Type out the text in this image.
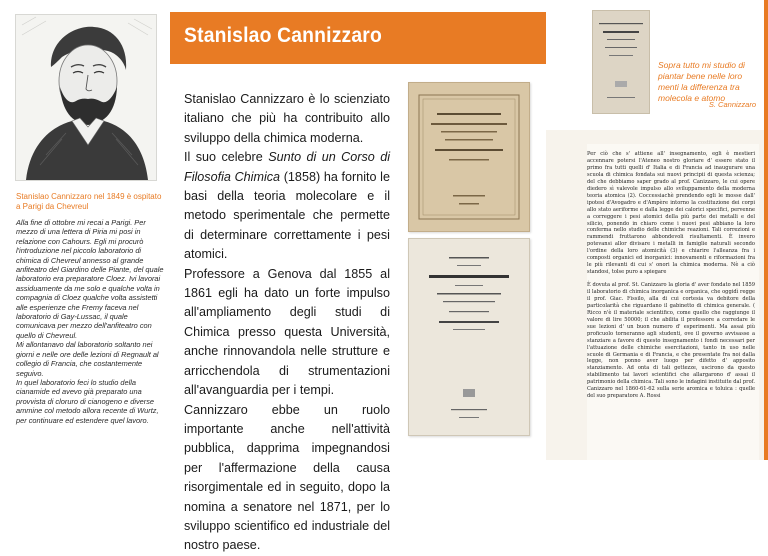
Stanislao Cannizzaro nel 1849 è ospitato a Parigi da Chevreul

Alla fine di ottobre mi recai a Parigi. Per mezzo di una lettera di Piria mi posi in relazione con Cahours. Egli mi procurò l'introduzione nel piccolo laboratorio di chimica di Chevreul annesso al grande anfiteatro del Giardino delle Piante, del quale laboratorio era preparatore Cloez. Ivi lavorai assiduamente da me solo e qualche volta in compagnia di Cloez qualche volta assistetti alle esperienze che Fremy faceva nel laboratorio di Gay-Lussac, il quale comunicava per mezzo dell'anfiteatro con quello di Chevreul.

Mi allontanavo dal laboratorio soltanto nei giorni e nelle ore delle lezioni di Regnault al collegio di Francia, che costantemente seguivo.

In quel laboratorio feci lo studio della cianamide ed avevo già preparato una provvista di cloruro di cianogeno e diverse ammine col metodo allora recente di Wurtz, per continuare ed estendere quel lavoro.

Stanislao Cannizzaro

Stanislao Cannizzaro è lo scienziato italiano che più ha contribuito allo sviluppo della chimica moderna.

Il suo celebre Sunto di un Corso di Filosofia Chimica (1858) ha fornito le basi della teoria molecolare e il metodo sperimentale che permette di determinare correttamente i pesi atomici.

Professore a Genova dal 1855 al 1861 egli ha dato un forte impulso all'ampliamento degli studi di Chimica presso questa Università, anche rinnovandola nelle strutture e arricchendola di strumentazioni all'avanguardia per i tempi.

Cannizzaro ebbe un ruolo importante anche nell'attività pubblica, dapprima impegnandosi per l'affermazione della causa risorgimentale ed in seguito, dopo la nomina a senatore nel 1871, per lo sviluppo scientifico ed industriale del nostro paese.

Sopra tutto mi studio di piantar bene nelle loro menti la differenza tra molecola e atomo

S. Cannizzaro

Per ciò che s' attiene all' insegnamento, egli è mestieri accennare potersi l'Ateneo nostro gloriare d' essere stato il primo fra tutti quelli d' Italia e di Francia ad inaugurare una scuola di chimica fondata sui nuovi principii di questa scienza; del che debbiamo saper grado al prof. Canizzaro, le cui opere diedero sì valevole impulso allo sviluppamento della moderna teoria atomica (2). Coccessiachè prendendo egli le mosse dall' ipotesi d'Avogadro e d'Ampère intorno la costituzione dei corpi allo stato aeriforme e dalla legge dei calorici specifici, pervenne a correggere i pesi atomici della più parte dei metalli e del silicio, ponendo in chiaro come i nuovi pesi abbiano la loro conferma nello studio delle chimiche reazioni. Tali correzioni e rammendi fruttarono abbondevoli risultamenti. È invero potevansi allor divisare i metalli in famiglie naturali secondo l'ordine della loro atomicità (3) e chiarire l'alleanza fra i composti organici ed inorganici: innovamenti e riformazioni fra le più rilevanti di cui s' onori la chimica moderna. Nè a ciò standosi, tolse puro a spiegare

È dovuta al prof. St. Canizzaro la gloria d' aver fondato nel 1859 il laboratorio di chimica inorganica e organica, che oggidì regge il prof. Giac. Fissilo, alla di cui cortesia va debitore della particolarità che riguardano il gabinetto di chimica generale. ( Ricco n'è il materiale scientifico, come quello che raggiunge il valore di lire 50000; il che abilita il professore a corredare le sue lezioni d' un buon numero d' esperimenti. Ma assai più proficuolo torneranno agli studenti, ove il governo avvisasse a stanziare a favore di questo insegnamento i fondi necessari per l'attuazione delle chimiche esercitazioni, tanto in uso nelle scuole di Germania e di Francia, e che presentate fra noi dalla legge, non ponno aver luogo per difetto d' apposito stanziamento. Ad onta di tali gettezze, uscirono da questo stabilimento tai lavori scientifici che allargarono d' assai il patrimonio della chimica. Tali sono le indagini instituite dal prof. Canizzaro nel 1860-61-62 sulla serie aromica e toluica : quelle del suo preparatore A. Rossi
